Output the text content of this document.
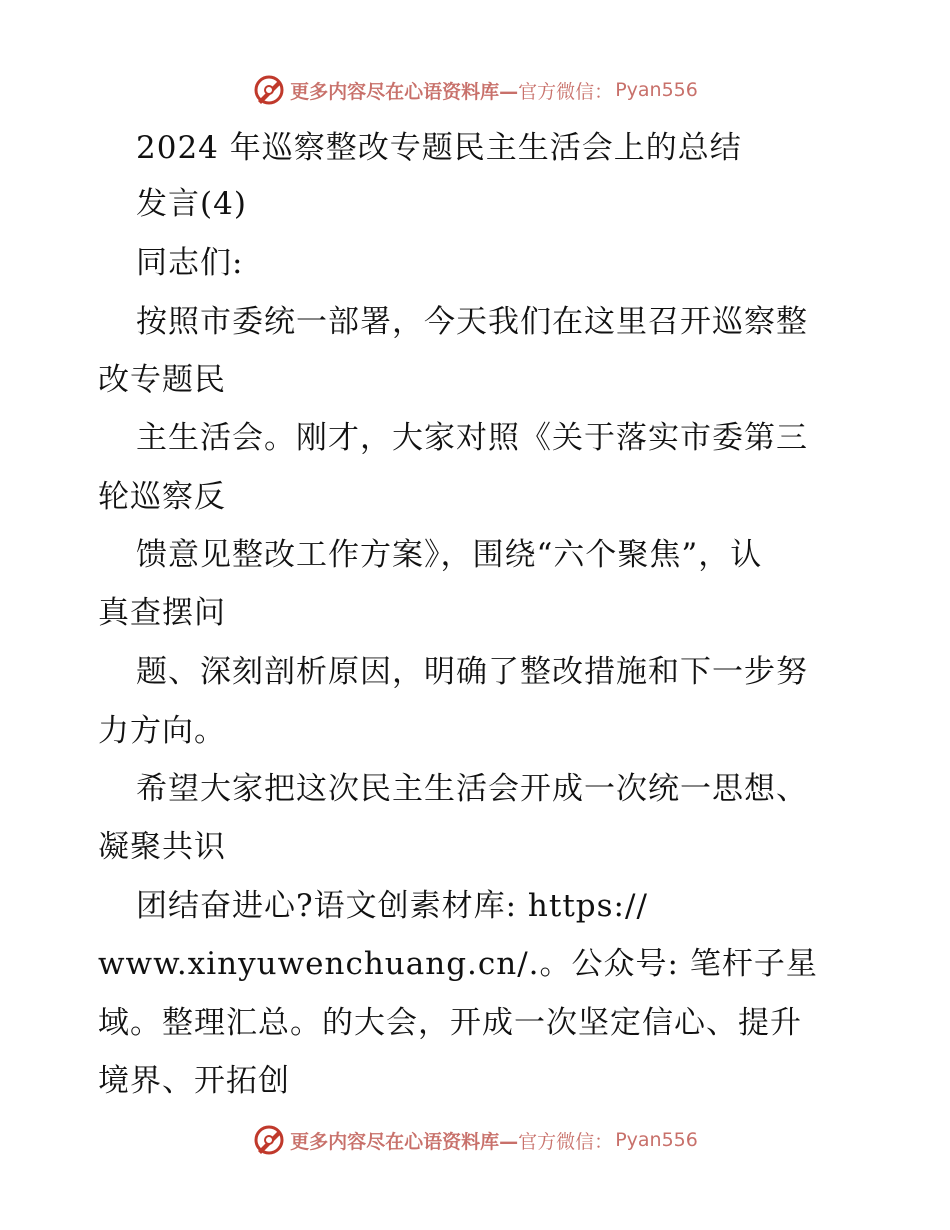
更多内容尽在心语资料库— 官方微信： Pyan556
2024 年巡察整改专题民主生活会上的总结
发言(4)
同志们:
按照市委统一部署，今天我们在这里召开巡察整
改专题民
主生活会。刚才，大家对照《关于落实市委第三
轮巡察反
馈意见整改工作方案》，围绕“六个聚焦”，认
真查摆问
题、深刻剖析原因，明确了整改措施和下一步努
力方向。
希望大家把这次民主生活会开成一次统一思想、
凝聚共识
团结奋进心?语文创素材库: https://
www.xinyuwenchuang.cn/.。公众号: 笔杆子星
域。整理汇总。的大会，开成一次坚定信心、提升
境界、开拓创
更多内容尽在心语资料库— 官方微信： Pyan556
